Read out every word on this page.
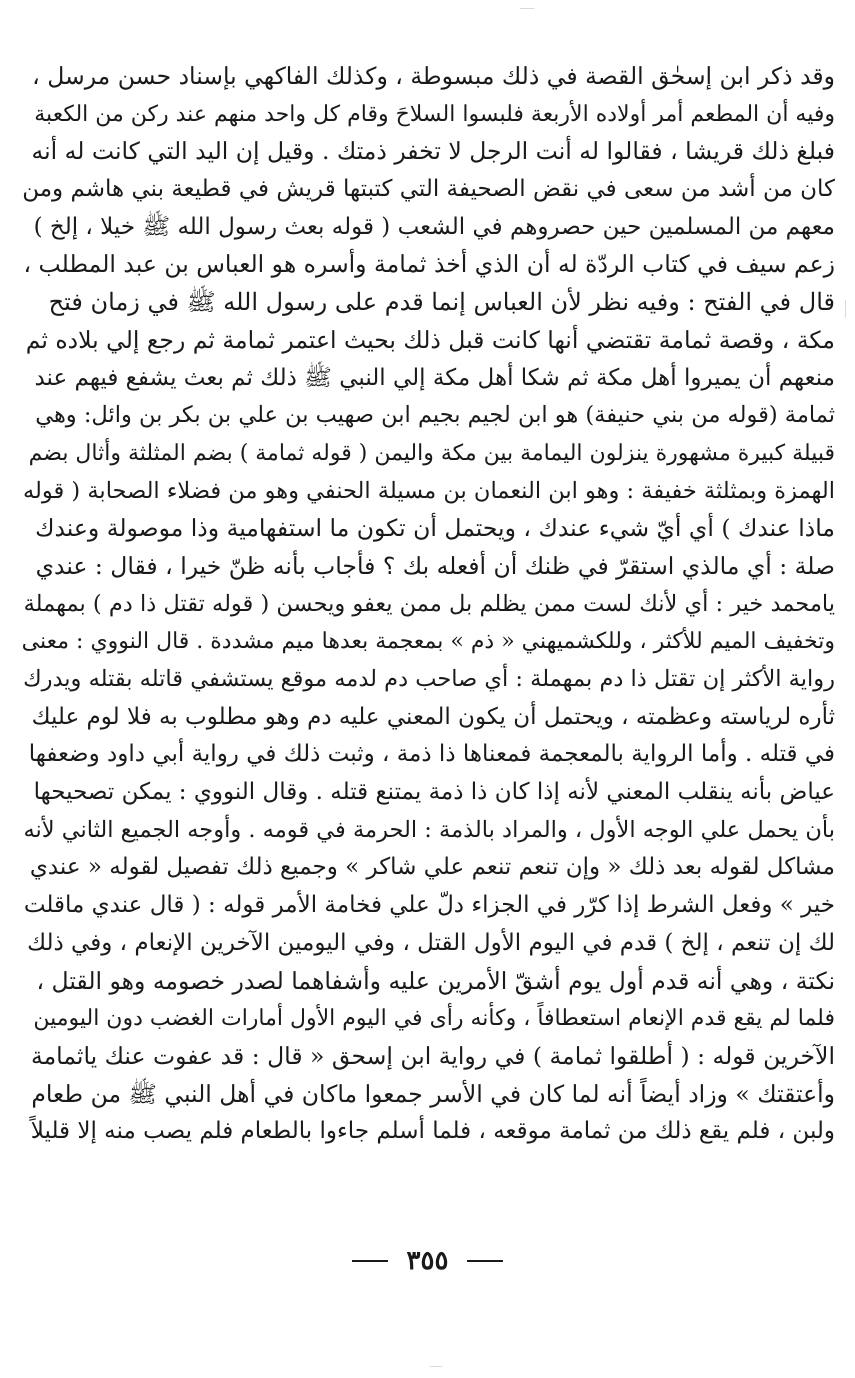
وقد ذكر ابن إسحٰق القصة في ذلك مبسوطة ، وكذلك الفاكهي بإسناد حسن مرسل ،
وفيه أن المطعم أمر أولاده الأربعة فلبسوا السلاحَ وقام كل واحد منهم عند ركن من الكعبة
فبلغ ذلك قريشا ، فقالوا له أنت الرجل لا تخفر ذمتك . وقيل إن اليد التي كانت له أنه
كان من أشد من سعى في نقض الصحيفة التي كتبتها قريش في قطيعة بني هاشم ومن
معهم من المسلمين حين حصروهم في الشعب ( قوله بعث رسول الله ﷺ خيلا ، إلخ )
زعم سيف في كتاب الردّة له أن الذي أخذ ثمامة وأسره هو العباس بن عبد المطلب ،
قال في الفتح : وفيه نظر لأن العباس إنما قدم على رسول الله ﷺ في زمان فتح
مكة ، وقصة ثمامة تقتضي أنها كانت قبل ذلك بحيث اعتمر ثمامة ثم رجع إلي بلاده ثم
منعهم أن يميروا أهل مكة ثم شكا أهل مكة إلي النبي ﷺ ذلك ثم بعث يشفع فيهم عند
ثمامة (قوله من بني حنيفة) هو ابن لجيم بجيم ابن صهيب بن علي بن بكر بن وائل: وهي
قبيلة كبيرة مشهورة ينزلون اليمامة بين مكة واليمن ( قوله ثمامة ) بضم المثلثة وأثال بضم
الهمزة وبمثلثة خفيفة : وهو ابن النعمان بن مسيلة الحنفي وهو من فضلاء الصحابة ( قوله
ماذا عندك ) أي أيّ شيء عندك ، ويحتمل أن تكون ما استفهامية وذا موصولة وعندك
صلة : أي مالذي استقرّ في ظنك أن أفعله بك ؟ فأجاب بأنه ظنّ خيرا ، فقال : عندي
يامحمد خير : أي لأنك لست ممن يظلم بل ممن يعفو ويحسن ( قوله تقتل ذا دم ) بمهملة
وتخفيف الميم للأكثر ، وللكشميهني « ذم » بمعجمة بعدها ميم مشددة . قال النووي : معنى
رواية الأكثر إن تقتل ذا دم بمهملة : أي صاحب دم لدمه موقع يستشفي قاتله بقتله ويدرك
ثأره لرياسته وعظمته ، ويحتمل أن يكون المعني عليه دم وهو مطلوب به فلا لوم عليك
في قتله . وأما الرواية بالمعجمة فمعناها ذا ذمة ، وثبت ذلك في رواية أبي داود وضعفها
عياض بأنه ينقلب المعني لأنه إذا كان ذا ذمة يمتنع قتله . وقال النووي : يمكن تصحيحها
بأن يحمل علي الوجه الأول ، والمراد بالذمة : الحرمة في قومه . وأوجه الجميع الثاني لأنه
مشاكل لقوله بعد ذلك « وإن تنعم تنعم علي شاكر » وجميع ذلك تفصيل لقوله « عندي
خير » وفعل الشرط إذا كرّر في الجزاء دلّ علي فخامة الأمر قوله : ( قال عندي ماقلت
لك إن تنعم ، إلخ ) قدم في اليوم الأول القتل ، وفي اليومين الآخرين الإنعام ، وفي ذلك
نكتة ، وهي أنه قدم أول يوم أشقّ الأمرين عليه وأشفاهما لصدر خصومه وهو القتل ،
فلما لم يقع قدم الإنعام استعطافاً ، وكأنه رأى في اليوم الأول أمارات الغضب دون اليومين
الآخرين قوله : ( أطلقوا ثمامة ) في رواية ابن إسحق « قال : قد عفوت عنك ياثمامة
وأعتقتك » وزاد أيضاً أنه لما كان في الأسر جمعوا ماكان في أهل النبي ﷺ من طعام
ولبن ، فلم يقع ذلك من ثمامة موقعه ، فلما أسلم جاءوا بالطعام فلم يصب منه إلا قليلاً
٣٥٥
